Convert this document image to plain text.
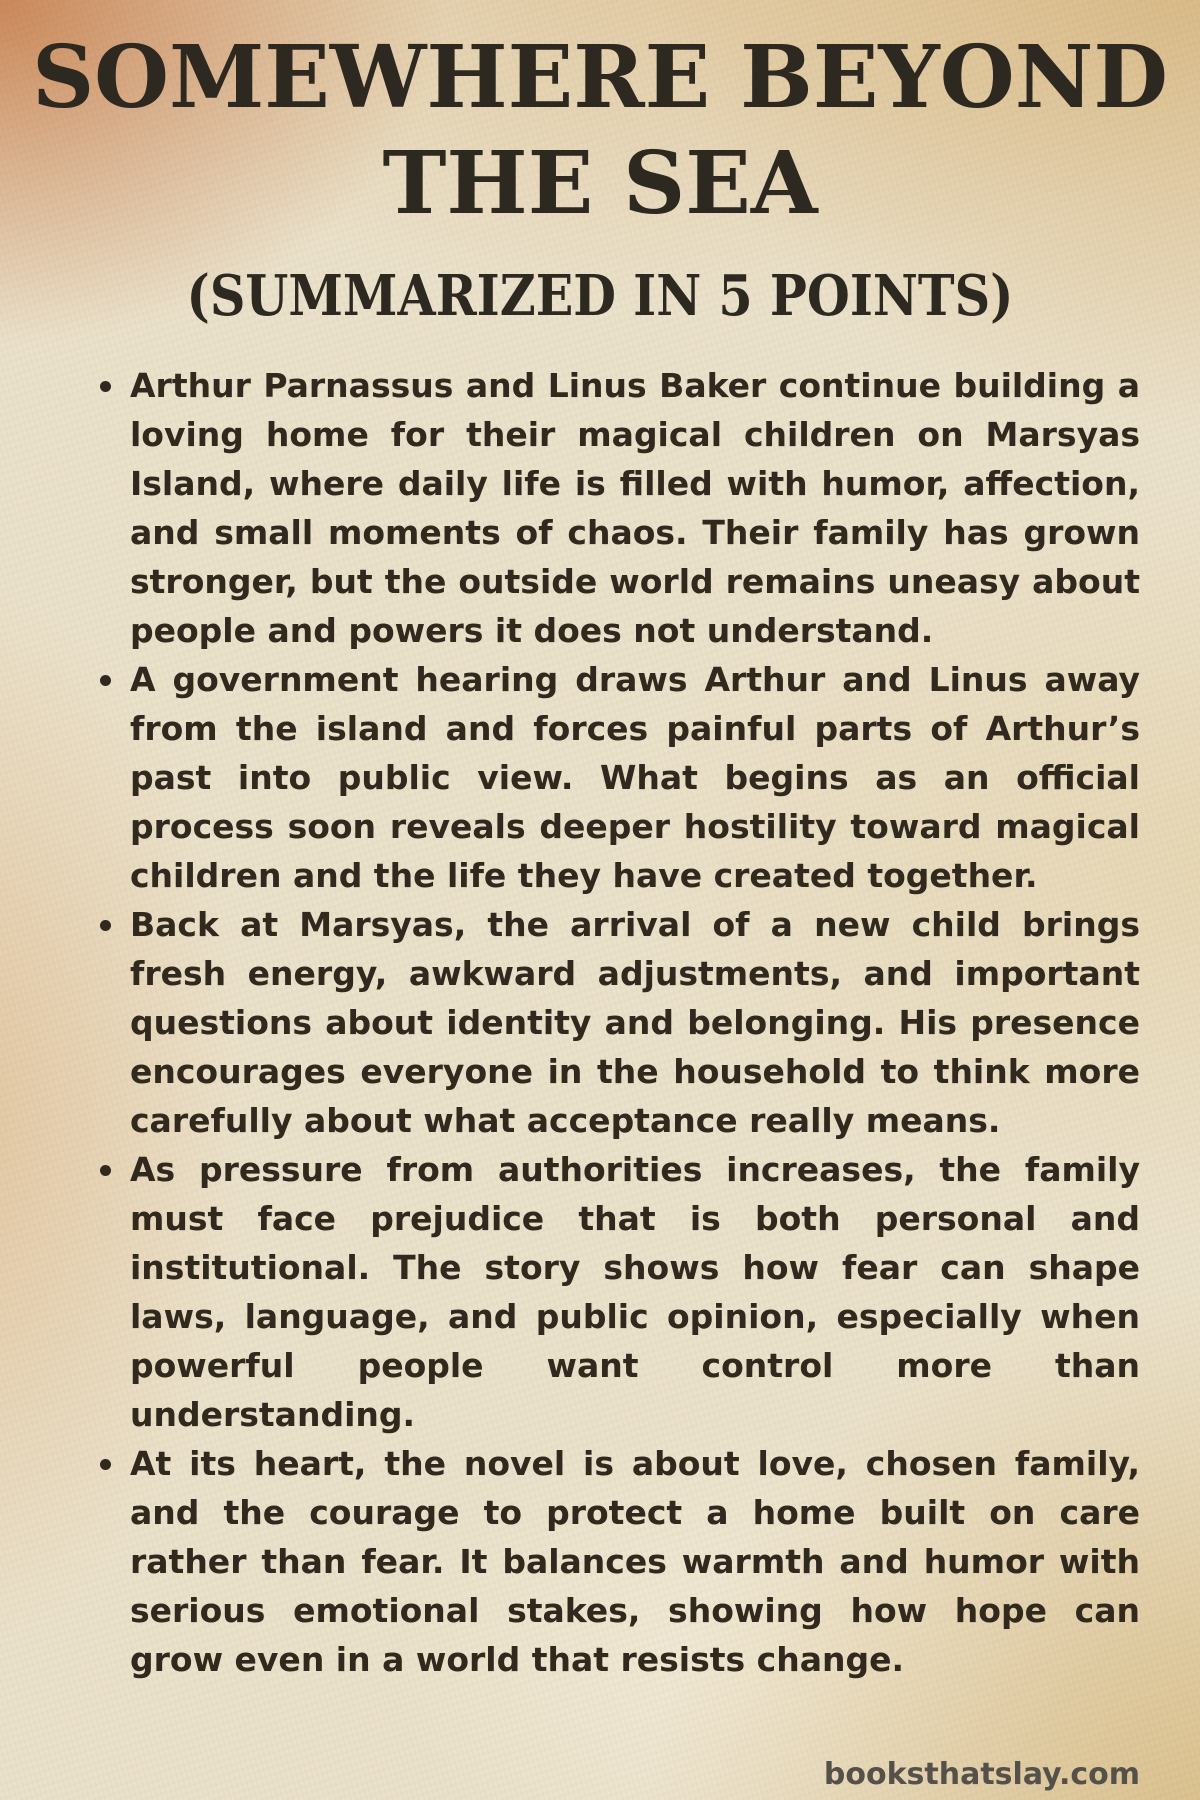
SOMEWHERE BEYOND
THE SEA
(SUMMARIZED IN 5 POINTS)
Arthur Parnassus and Linus Baker continue building a loving home for their magical children on Marsyas Island, where daily life is filled with humor, affection, and small moments of chaos. Their family has grown stronger, but the outside world remains uneasy about people and powers it does not understand.
A government hearing draws Arthur and Linus away from the island and forces painful parts of Arthur’s past into public view. What begins as an official process soon reveals deeper hostility toward magical children and the life they have created together.
Back at Marsyas, the arrival of a new child brings fresh energy, awkward adjustments, and important questions about identity and belonging. His presence encourages everyone in the household to think more carefully about what acceptance really means.
As pressure from authorities increases, the family must face prejudice that is both personal and institutional. The story shows how fear can shape laws, language, and public opinion, especially when powerful people want control more than understanding.
At its heart, the novel is about love, chosen family, and the courage to protect a home built on care rather than fear. It balances warmth and humor with serious emotional stakes, showing how hope can grow even in a world that resists change.
booksthatslay.com
